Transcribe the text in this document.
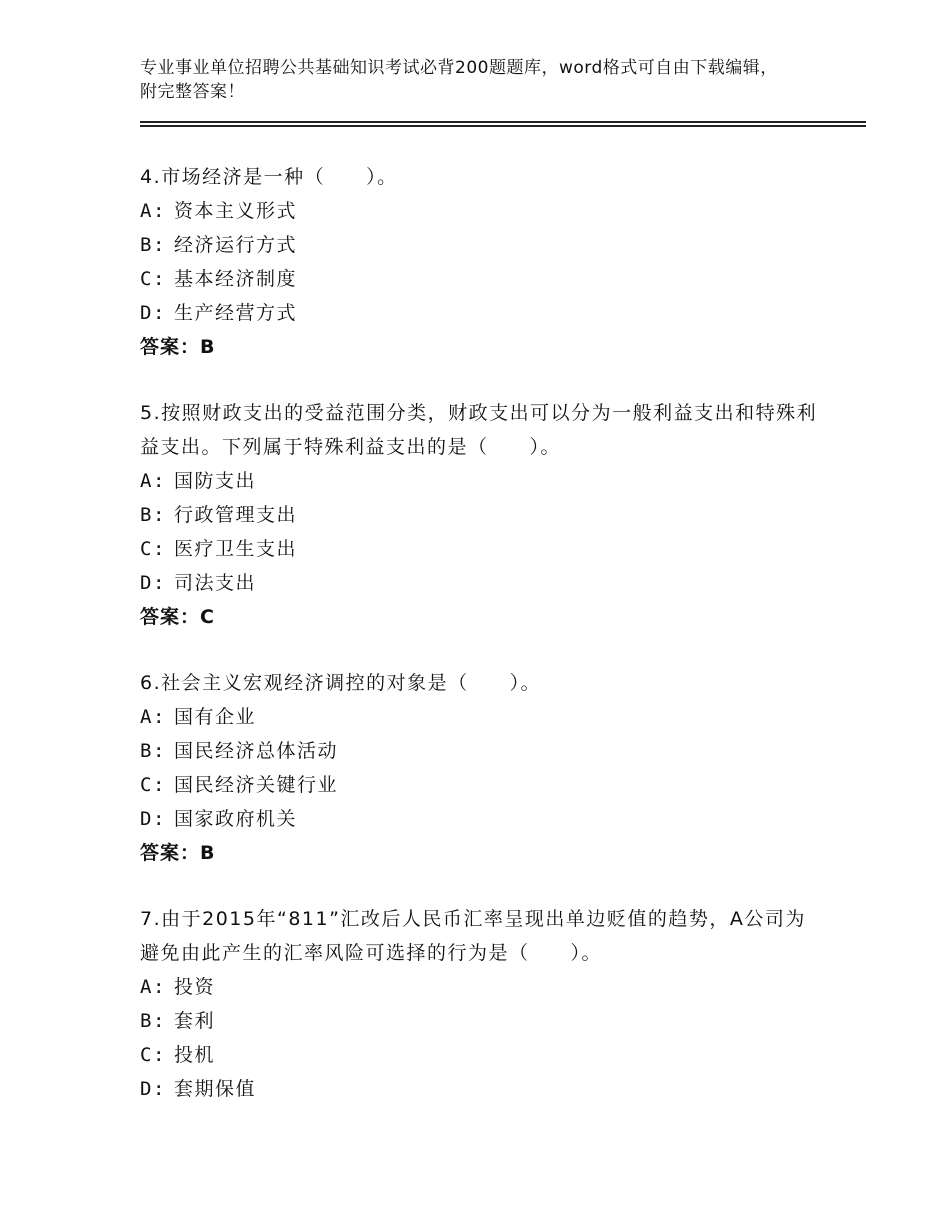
专业事业单位招聘公共基础知识考试必背200题题库，word格式可自由下载编辑，附完整答案！

4.市场经济是一种（　　）。

A: 资本主义形式
B: 经济运行方式
C: 基本经济制度
D: 生产经营方式
答案：B

5.按照财政支出的受益范围分类，财政支出可以分为一般利益支出和特殊利益支出。下列属于特殊利益支出的是（　　）。

A: 国防支出
B: 行政管理支出
C: 医疗卫生支出
D: 司法支出
答案：C

6.社会主义宏观经济调控的对象是（　　）。

A: 国有企业
B: 国民经济总体活动
C: 国民经济关键行业
D: 国家政府机关
答案：B

7.由于2015年“811”汇改后人民币汇率呈现出单边贬值的趋势，A公司为避免由此产生的汇率风险可选择的行为是（　　）。

A: 投资
B: 套利
C: 投机
D: 套期保值
